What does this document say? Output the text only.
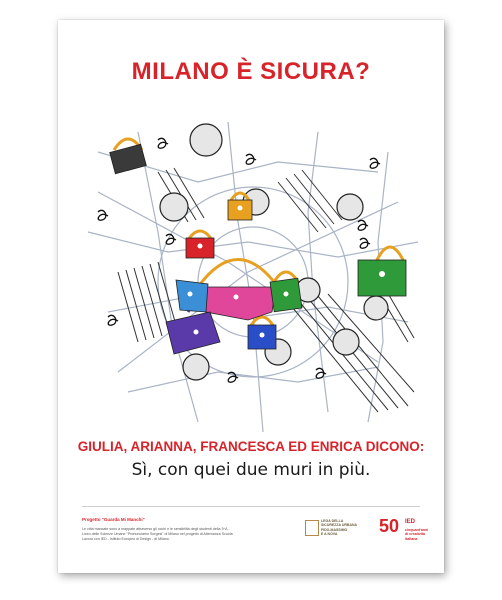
MILANO È SICURA?
GIULIA, ARIANNA, FRANCESCA ED ENRICA DICONO:
Sì, con quei due muri in più.
Progetto "Guarda Mi Manchi"
Le città mancate sono a mappate attraverso gli occhi e le sensibilità degli studenti della 3^A - Liceo delle Scienze Umane "Pronunciamo Sorgesi" di Milano nel progetto di Alternanza Scuola Lavoro con IED - Istituto Europeo di Design - di Milano.
LEGA DELLA
SICUREZZA URBANA
FIDO-MASSIMO
E A NOVA	50 IED
cinquant'anni
di creatività
italiana
